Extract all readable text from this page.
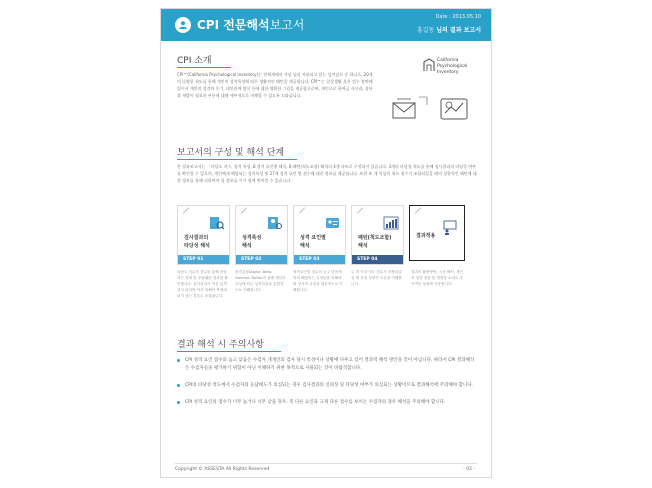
CPI 전문해석보고서
Date : 2013.05.10
홍길동 님의 결과 보고서
CPI 소개
CPI™(California Psychological Inventory)는 전세계에서 가장 널리 사용되고 있는 성격검사 중 하나로, 20개의 다양한 척도를 통해 개인의 성격특성에 따른 생활적인 패턴을 제공합니다. CPI™는 일상생활 혹은 업무 장면에 있어서 개인의 성격과 동기, 대인관계 방식 등에 대한 명확한 그림을 제공함으로써, 개인으로 하여금 자신과, 집단과 개발이 필요한 부분에 대해 세부적으로 이해할 수 있도록 도와줍니다.
California
Psychological
Inventory
보고서의 구성 및 해석 단계
본 결과보고서는 「타당도 지수, 성격 특성, 8 성격 요인별 해석, 8 패턴(척도조합) 해석의 4개 파트로 구성되어 있습니다. 3개의 타당성 척도를 통해 검사결과의 타당성 여부를 확인할 수 있으며, 개인에게 해당되는 성격특성 및 27개 성격 요인 별 점수에 대한 정보를 제공합니다. 또한 또 개 이상의 척도 점수가 조합되었을 때의 성향적인 패턴에 대한 정보를 통해 피하여야 할 정보를 사가 함께 받아볼 수 있습니다.
검사결과의
타당성 해석
STEP 01
성격특성
해석
STEP 02
성격 요인별
해석
STEP 03
패턴(척도조합)
해석
STEP 04
결과적용
타당도 지수의 점수를 통해 응답하는 자세 및 응답패턴 결과를 확인합니다. 검사결과가 이상 있게 검사 되어야 작가 의해야 측정에 되지 않는 경우도 포함됩니다.
성격유형(Alpha, Beta, Gamma, Delta)과 함께 개인의 특성에 따른 성격특성을 통합적으로 이해합니다.
성격요인별 점수의 높고 낮음에 따라 해당되는 특성들을 이해하며 성격적 특징을 세부적으로 이해합니다.
두 개 이상 척도 점수가 조합되었을 때 특징 성향적 모습을 이해합니다.
결과의 활용방안, 시상 해석, 개인의 성향 장점 및 개발을 토대로 부족적인 성장에 적용합니다.
결과 해석 시 주의사항
CPI 성격 요인 점수의 높고 낮음은 수검자 개개인의 검사 당시 특성이나 상황에 다루고 있어 결과적 해석 방안을 것이 아닙니다. 따라서 CPI 결과해석은 수검자들을 평가하기 위함이 아닌 이해하기 위한 목적으로 사용되는 것이 바람직합니다.
CPI의 타당성 척도에서 수검자의 응답태도가 의심되는 경우 검사결과의 신뢰성 및 타당성 여부가 의심되는 상황이므로 결과해석에 주의해야 합니다.
CPI 성격 요인의 점수가 너무 높거나 너무 낮을 경우, 즉 다른 요인과 크게 다른 점수를 보이는 수검자의 경우 해석을 주의해야 합니다.
Copyright © ASSESTA All Rights Reserved	- 02 -
